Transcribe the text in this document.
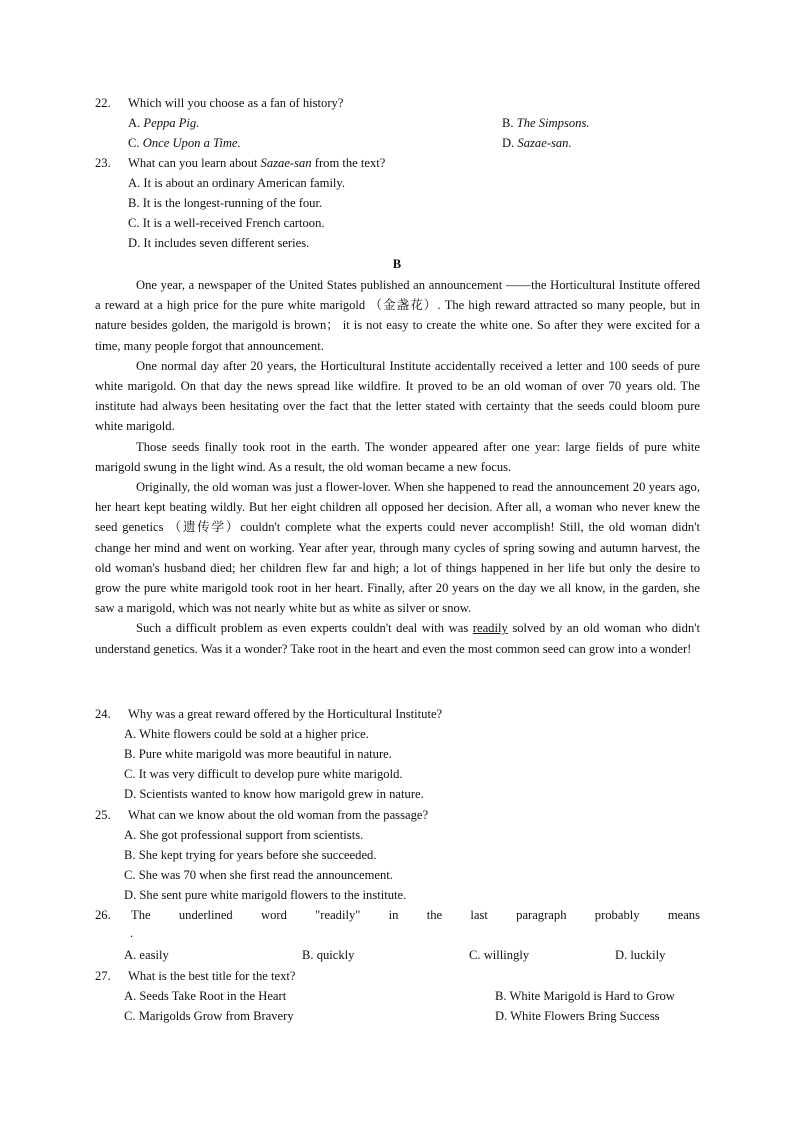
22. Which will you choose as a fan of history?
A. Peppa Pig.	B. The Simpsons.
C. Once Upon a Time.	D. Sazae-san.
23. What can you learn about Sazae-san from the text?
A. It is about an ordinary American family.
B. It is the longest-running of the four.
C. It is a well-received French cartoon.
D. It includes seven different series.
B

One year, a newspaper of the United States published an announcement ——the Horticultural Institute offered a reward at a high price for the pure white marigold （金盏花）. The high reward attracted so many people, but in nature besides golden, the marigold is brown； it is not easy to create the white one. So after they were excited for a time, many people forgot that announcement.

One normal day after 20 years, the Horticultural Institute accidentally received a letter and 100 seeds of pure white marigold. On that day the news spread like wildfire. It proved to be an old woman of over 70 years old. The institute had always been hesitating over the fact that the letter stated with certainty that the seeds could bloom pure white marigold.

Those seeds finally took root in the earth. The wonder appeared after one year: large fields of pure white marigold swung in the light wind. As a result, the old woman became a new focus.

Originally, the old woman was just a flower-lover. When she happened to read the announcement 20 years ago, her heart kept beating wildly. But her eight children all opposed her decision. After all, a woman who never knew the seed genetics （遗传学）couldn't complete what the experts could never accomplish! Still, the old woman didn't change her mind and went on working. Year after year, through many cycles of spring sowing and autumn harvest, the old woman's husband died; her children flew far and high; a lot of things happened in her life but only the desire to grow the pure white marigold took root in her heart. Finally, after 20 years on the day we all know, in the garden, she saw a marigold, which was not nearly white but as white as silver or snow.

Such a difficult problem as even experts couldn't deal with was readily solved by an old woman who didn't understand genetics. Was it a wonder? Take root in the heart and even the most common seed can grow into a wonder!

24. Why was a great reward offered by the Horticultural Institute?
A. White flowers could be sold at a higher price.
B. Pure white marigold was more beautiful in nature.
C. It was very difficult to develop pure white marigold.
D. Scientists wanted to know how marigold grew in nature.
25. What can we know about the old woman from the passage?
A. She got professional support from scientists.
B. She kept trying for years before she succeeded.
C. She was 70 when she first read the announcement.
D. She sent pure white marigold flowers to the institute.
26. The underlined word "readily" in the last paragraph probably means
.
A. easily	B. quickly	C. willingly	D. luckily
27. What is the best title for the text?
A. Seeds Take Root in the Heart	B. White Marigold is Hard to Grow
C. Marigolds Grow from Bravery	D. White Flowers Bring Success
